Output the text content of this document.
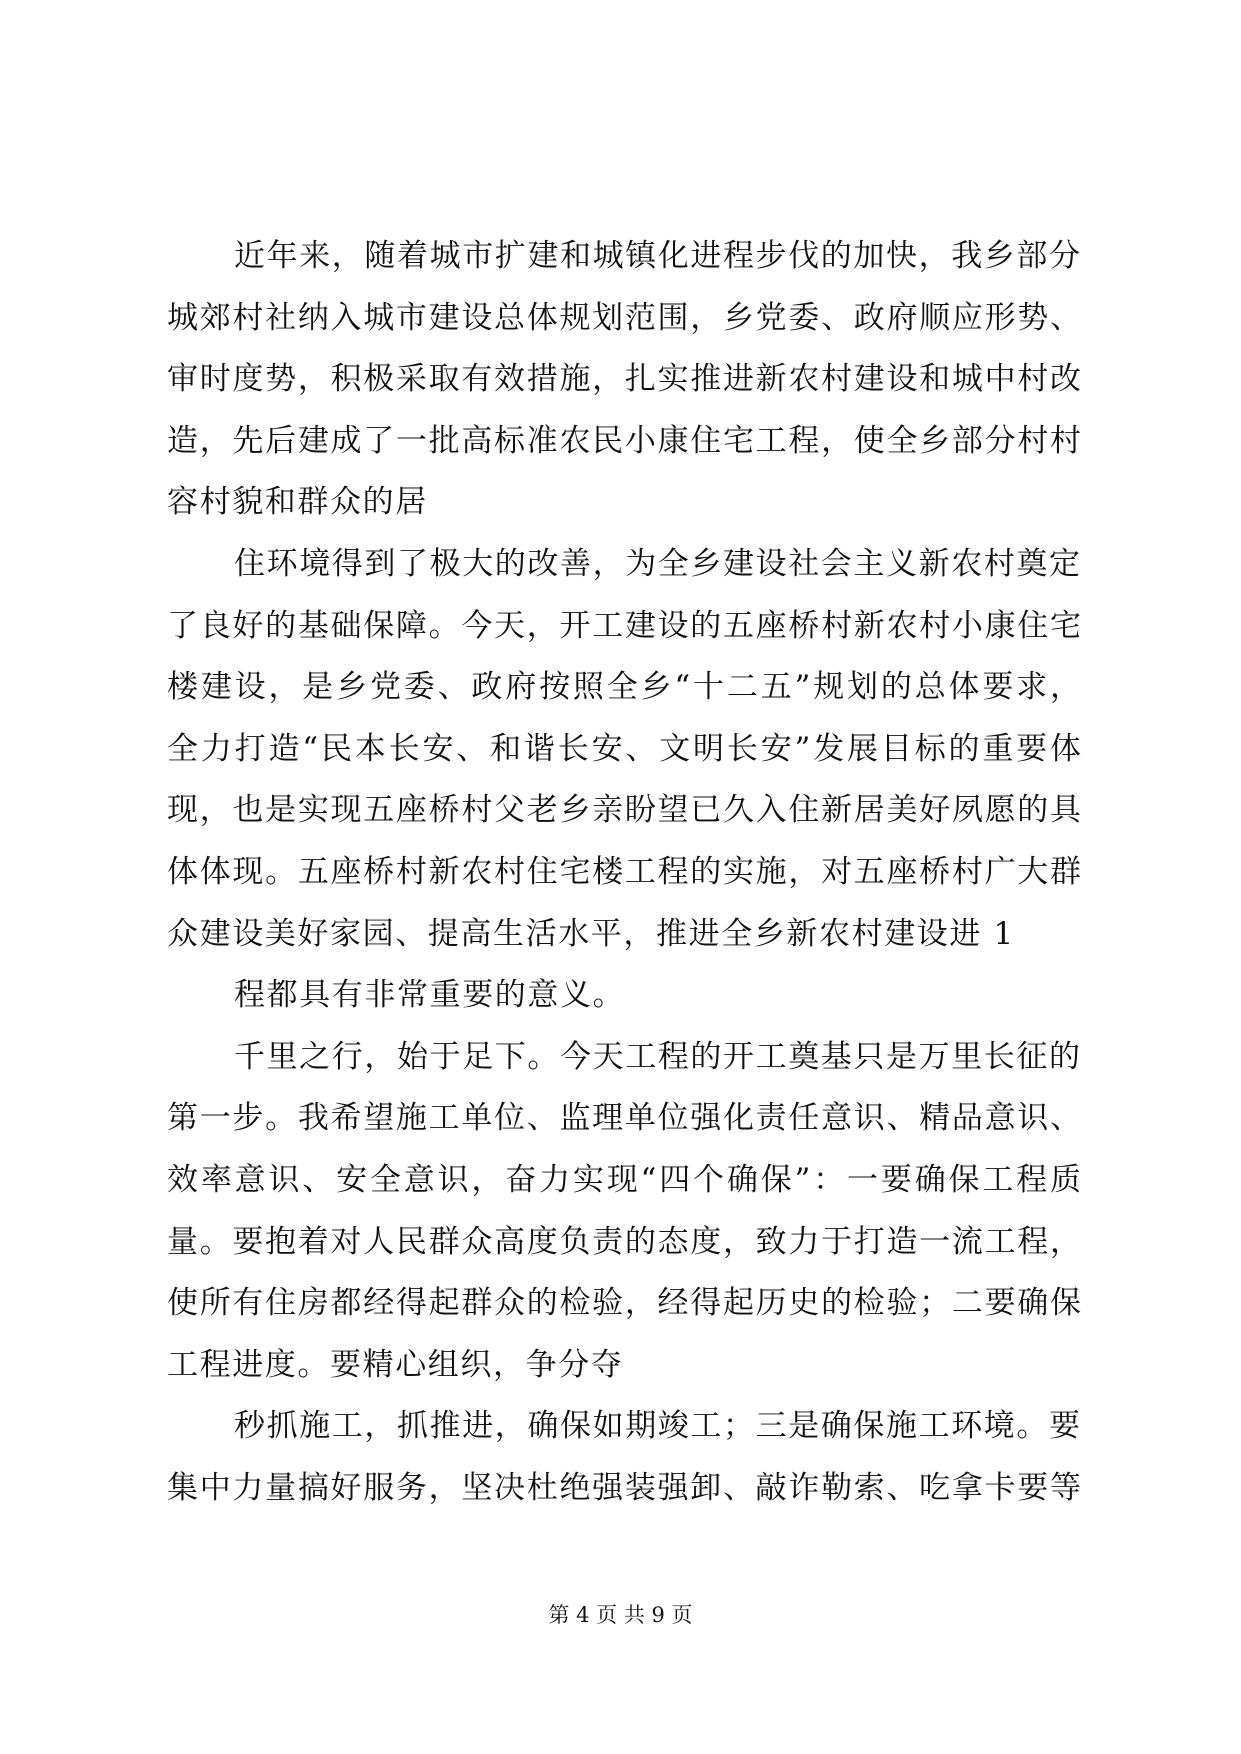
近年来，随着城市扩建和城镇化进程步伐的加快，我乡部分
城郊村社纳入城市建设总体规划范围，乡党委、政府顺应形势、
审时度势，积极采取有效措施，扎实推进新农村建设和城中村改
造，先后建成了一批高标准农民小康住宅工程，使全乡部分村村
容村貌和群众的居
住环境得到了极大的改善，为全乡建设社会主义新农村奠定
了良好的基础保障。今天，开工建设的五座桥村新农村小康住宅
楼建设，是乡党委、政府按照全乡“十二五”规划的总体要求，
全力打造“民本长安、和谐长安、文明长安”发展目标的重要体
现，也是实现五座桥村父老乡亲盼望已久入住新居美好夙愿的具
体体现。五座桥村新农村住宅楼工程的实施，对五座桥村广大群
众建设美好家园、提高生活水平，推进全乡新农村建设进 1
程都具有非常重要的意义。
千里之行，始于足下。今天工程的开工奠基只是万里长征的
第一步。我希望施工单位、监理单位强化责任意识、精品意识、
效率意识、安全意识，奋力实现“四个确保”：一要确保工程质
量。要抱着对人民群众高度负责的态度，致力于打造一流工程，
使所有住房都经得起群众的检验，经得起历史的检验；二要确保
工程进度。要精心组织，争分夺
秒抓施工，抓推进，确保如期竣工；三是确保施工环境。要
集中力量搞好服务，坚决杜绝强装强卸、敲诈勒索、吃拿卡要等
第 4 页 共 9 页
